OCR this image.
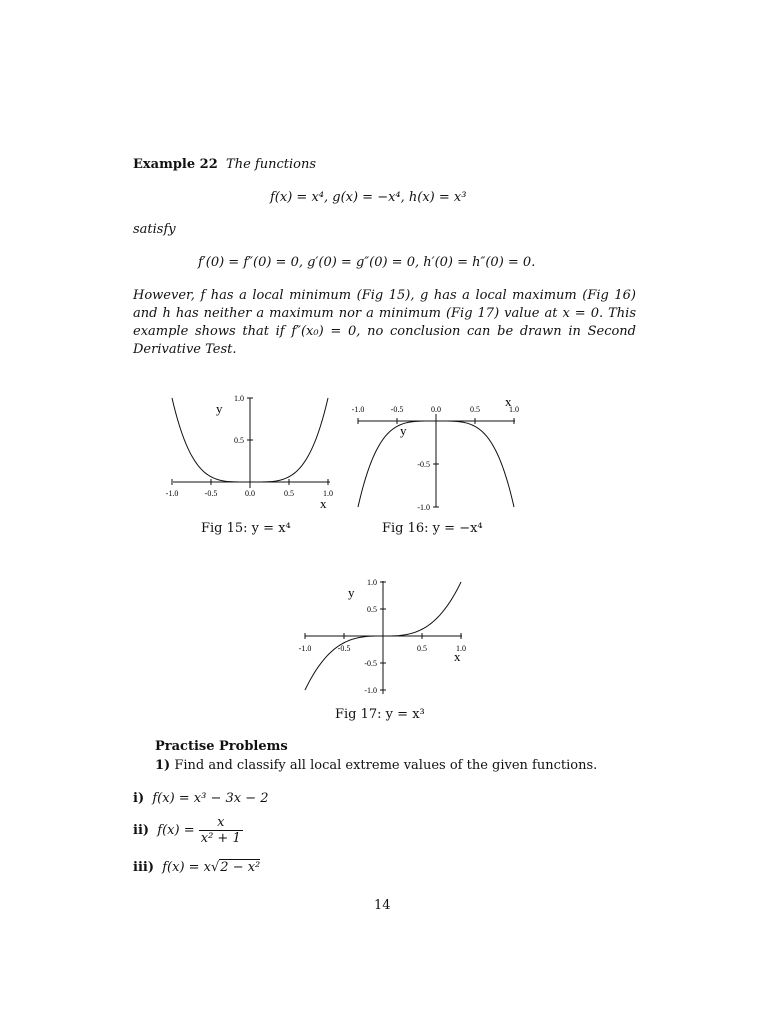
Example 22 The functions
f(x) = x⁴, g(x) = −x⁴, h(x) = x³
satisfy
f′(0) = f″(0) = 0, g′(0) = g″(0) = 0, h′(0) = h″(0) = 0.
However, f has a local minimum (Fig 15), g has a local maximum (Fig 16) and h has neither a maximum nor a minimum (Fig 17) value at x = 0. This example shows that if f″(x₀) = 0, no conclusion can be drawn in Second Derivative Test.
-1.0	-0.5	0.0	0.5	1.0
1.0
0.5
x
y
Fig 15: y = x⁴
-1.0	-0.5	0.0	0.5	1.0
-0.5
-1.0
x
y
Fig 16: y = −x⁴
-1.0	-0.5	0.5	1.0
1.0
0.5
-0.5
-1.0
x
y
Fig 17: y = x³
Practise Problems
1) Find and classify all local extreme values of the given functions.
i) f(x) = x³ − 3x − 2
ii) $f(x) = \frac{x}{\text{x² + 1}}$
iii) f(x) = x√2 − x²
14
